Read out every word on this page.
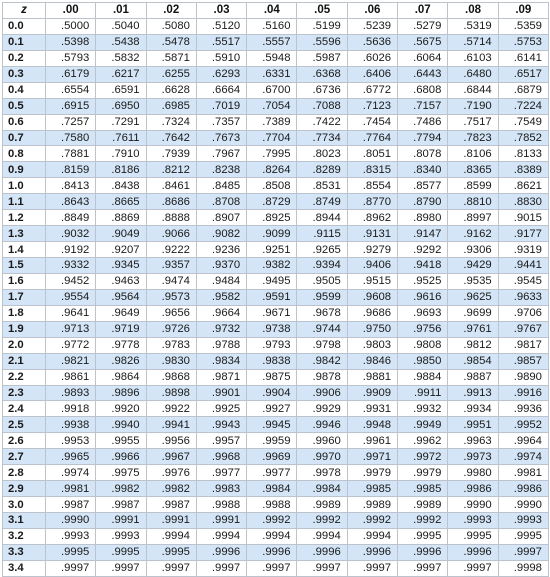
z	.00	.01	.02	.03	.04	.05	.06	.07	.08	.09
0.0	.5000	.5040	.5080	.5120	.5160	.5199	.5239	.5279	.5319	.5359
0.1	.5398	.5438	.5478	.5517	.5557	.5596	.5636	.5675	.5714	.5753
0.2	.5793	.5832	.5871	.5910	.5948	.5987	.6026	.6064	.6103	.6141
0.3	.6179	.6217	.6255	.6293	.6331	.6368	.6406	.6443	.6480	.6517
0.4	.6554	.6591	.6628	.6664	.6700	.6736	.6772	.6808	.6844	.6879
0.5	.6915	.6950	.6985	.7019	.7054	.7088	.7123	.7157	.7190	.7224
0.6	.7257	.7291	.7324	.7357	.7389	.7422	.7454	.7486	.7517	.7549
0.7	.7580	.7611	.7642	.7673	.7704	.7734	.7764	.7794	.7823	.7852
0.8	.7881	.7910	.7939	.7967	.7995	.8023	.8051	.8078	.8106	.8133
0.9	.8159	.8186	.8212	.8238	.8264	.8289	.8315	.8340	.8365	.8389
1.0	.8413	.8438	.8461	.8485	.8508	.8531	.8554	.8577	.8599	.8621
1.1	.8643	.8665	.8686	.8708	.8729	.8749	.8770	.8790	.8810	.8830
1.2	.8849	.8869	.8888	.8907	.8925	.8944	.8962	.8980	.8997	.9015
1.3	.9032	.9049	.9066	.9082	.9099	.9115	.9131	.9147	.9162	.9177
1.4	.9192	.9207	.9222	.9236	.9251	.9265	.9279	.9292	.9306	.9319
1.5	.9332	.9345	.9357	.9370	.9382	.9394	.9406	.9418	.9429	.9441
1.6	.9452	.9463	.9474	.9484	.9495	.9505	.9515	.9525	.9535	.9545
1.7	.9554	.9564	.9573	.9582	.9591	.9599	.9608	.9616	.9625	.9633
1.8	.9641	.9649	.9656	.9664	.9671	.9678	.9686	.9693	.9699	.9706
1.9	.9713	.9719	.9726	.9732	.9738	.9744	.9750	.9756	.9761	.9767
2.0	.9772	.9778	.9783	.9788	.9793	.9798	.9803	.9808	.9812	.9817
2.1	.9821	.9826	.9830	.9834	.9838	.9842	.9846	.9850	.9854	.9857
2.2	.9861	.9864	.9868	.9871	.9875	.9878	.9881	.9884	.9887	.9890
2.3	.9893	.9896	.9898	.9901	.9904	.9906	.9909	.9911	.9913	.9916
2.4	.9918	.9920	.9922	.9925	.9927	.9929	.9931	.9932	.9934	.9936
2.5	.9938	.9940	.9941	.9943	.9945	.9946	.9948	.9949	.9951	.9952
2.6	.9953	.9955	.9956	.9957	.9959	.9960	.9961	.9962	.9963	.9964
2.7	.9965	.9966	.9967	.9968	.9969	.9970	.9971	.9972	.9973	.9974
2.8	.9974	.9975	.9976	.9977	.9977	.9978	.9979	.9979	.9980	.9981
2.9	.9981	.9982	.9982	.9983	.9984	.9984	.9985	.9985	.9986	.9986
3.0	.9987	.9987	.9987	.9988	.9988	.9989	.9989	.9989	.9990	.9990
3.1	.9990	.9991	.9991	.9991	.9992	.9992	.9992	.9992	.9993	.9993
3.2	.9993	.9993	.9994	.9994	.9994	.9994	.9994	.9995	.9995	.9995
3.3	.9995	.9995	.9995	.9996	.9996	.9996	.9996	.9996	.9996	.9997
3.4	.9997	.9997	.9997	.9997	.9997	.9997	.9997	.9997	.9997	.9998
